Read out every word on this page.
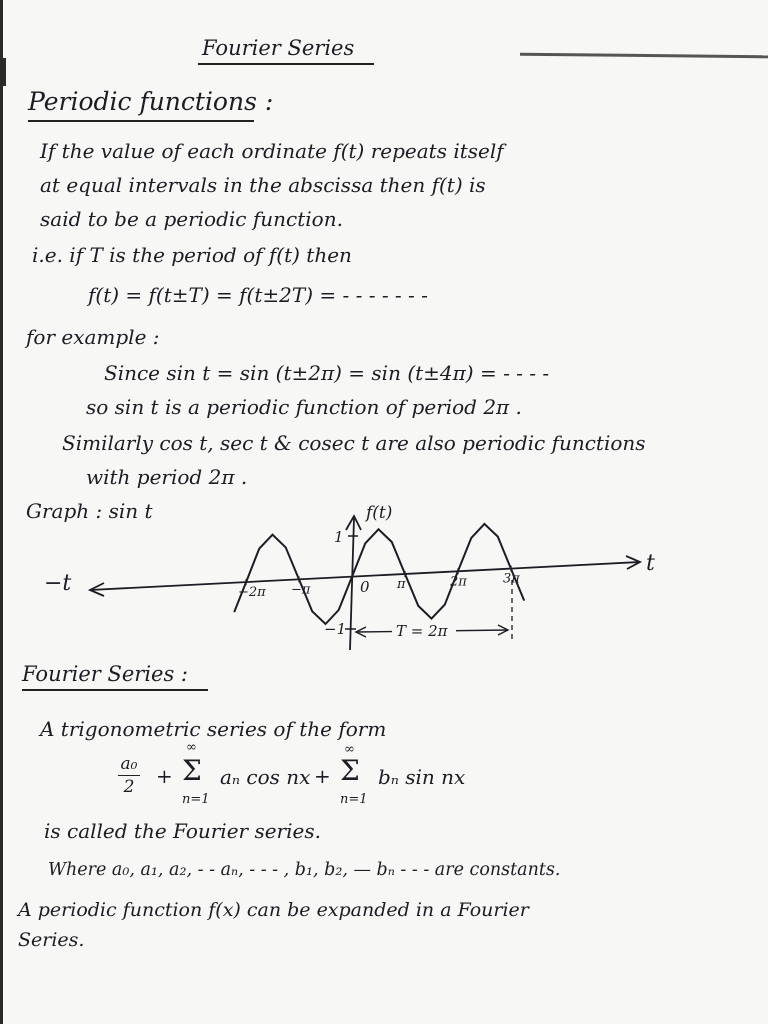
Fourier Series

Periodic functions :

If the value of each ordinate f(t) repeats itself

at equal intervals in the abscissa then f(t) is

said to be a periodic function.

i.e. if T is the period of f(t) then

f(t) = f(t±T) = f(t±2T) = - - - - - - -

for example :

Since sin t = sin (t±2π) = sin (t±4π) = - - - -

so sin t is a periodic function of period 2π .

Similarly cos t, sec t & cosec t are also periodic functions

with period 2π .

Graph : sin t

T = 2π
f(t)
t
−t	0
1
−1
−2π −π	π	2π	3π

Fourier Series :

A trigonometric series of the form

a₀
2 +
∞
Σ
n=1
aₙ cos nx +
∞
Σ
n=1
bₙ sin nx

is called the Fourier series.

Where a₀, a₁, a₂, - - aₙ, - - - , b₁, b₂, — bₙ - - - are constants.

A periodic function f(x) can be expanded in a Fourier

Series.
